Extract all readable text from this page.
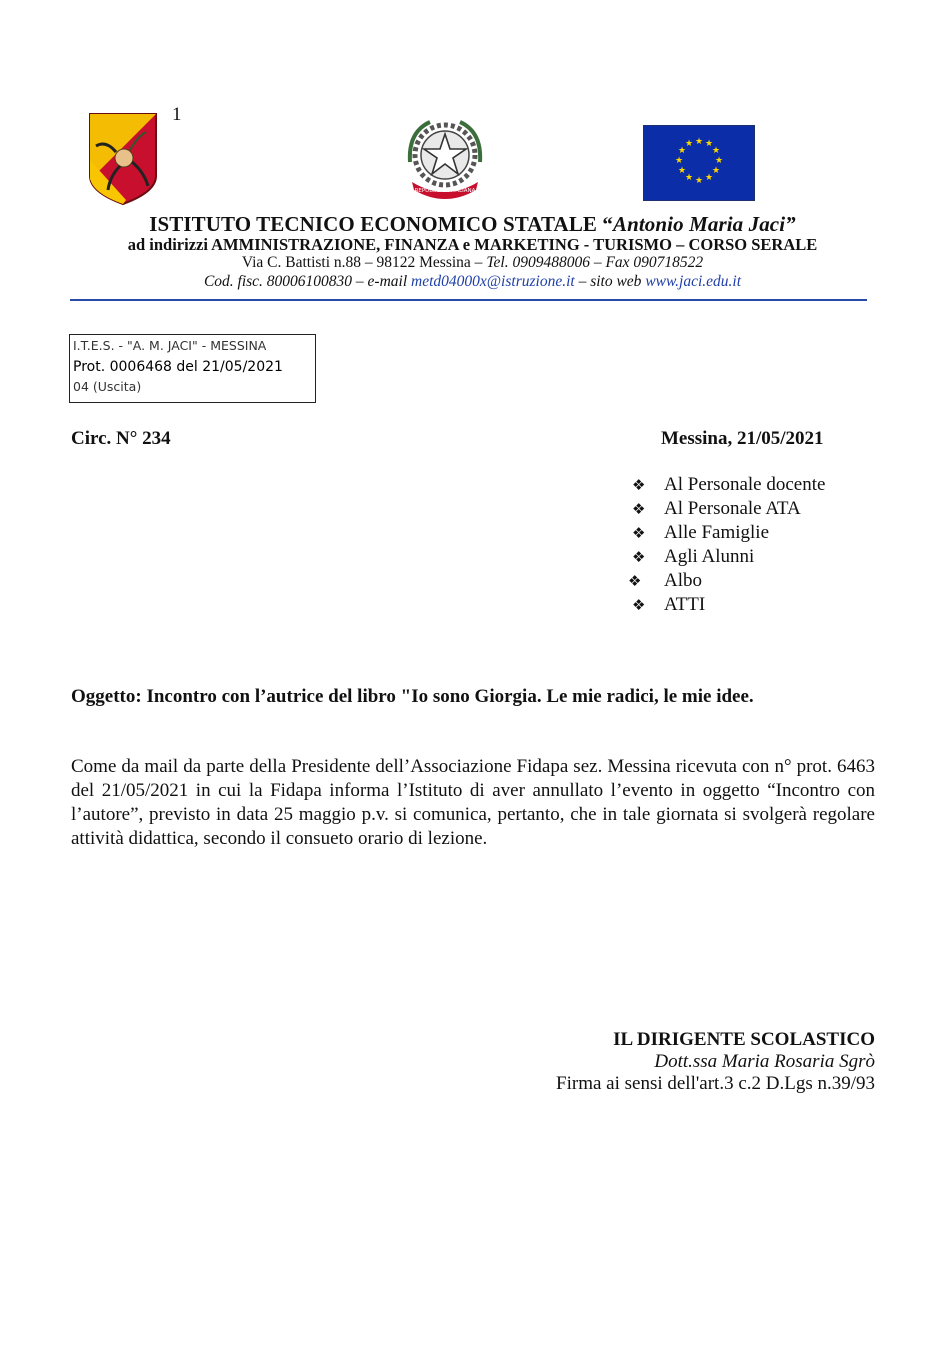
1
REPUBBLICA ITALIANA
★ ★
★
★
★
★
★
★
★
★
★
★
ISTITUTO TECNICO ECONOMICO STATALE “Antonio Maria Jaci”
ad indirizzi AMMINISTRAZIONE, FINANZA e MARKETING - TURISMO – CORSO SERALE
Via C. Battisti n.88 – 98122 Messina – Tel. 0909488006 – Fax 090718522
Cod. fisc. 80006100830 – e-mail metd04000x@istruzione.it – sito web www.jaci.edu.it
I.T.E.S. - "A. M. JACI" - MESSINA
Prot. 0006468 del 21/05/2021
04 (Uscita)
Circ. N° 234	Messina, 21/05/2021
❖ Al Personale docente
❖ Al Personale ATA
❖ Alle Famiglie
❖ Agli Alunni
❖	Albo
❖ ATTI
Oggetto: Incontro con l’autrice del libro "Io sono Giorgia. Le mie radici, le mie idee.
Come da mail da parte della Presidente dell’Associazione Fidapa sez. Messina ricevuta con n° prot. 6463 del 21/05/2021 in cui la Fidapa informa l’Istituto di aver annullato l’evento in oggetto “Incontro con l’autore”, previsto in data 25 maggio p.v. si comunica, pertanto, che in tale giornata si svolgerà regolare attività didattica, secondo il consueto orario di lezione.
IL DIRIGENTE SCOLASTICO
Dott.ssa Maria Rosaria Sgrò
Firma ai sensi dell'art.3 c.2 D.Lgs n.39/93
